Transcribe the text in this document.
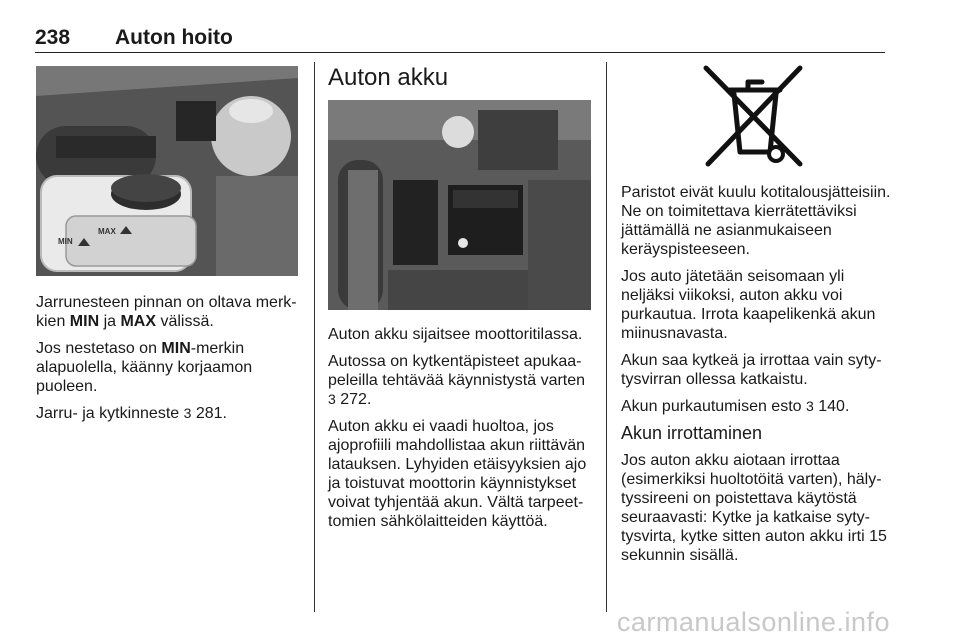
238 Auton hoito
MAX
MIN

Jarrunesteen pinnan on oltava merkkien MIN ja MAX välissä.

Jos nestetaso on MIN-merkin alapuolella, käänny korjaamon puoleen.

Jarru- ja kytkinneste 3 281.

Auton akku

Auton akku sijaitsee moottoritilassa.

Autossa on kytkentäpisteet apukaapeleilla tehtävää käynnistystä varten
3 272.

Auton akku ei vaadi huoltoa, jos ajoprofiili mahdollistaa akun riittävän latauksen. Lyhyiden etäisyyksien ajo ja toistuvat moottorin käynnistykset voivat tyhjentää akun. Vältä tarpeettomien sähkölaitteiden käyttöä.

Paristot eivät kuulu kotitalousjätteisiin. Ne on toimitettava kierrätettäviksi jättämällä ne asianmukaiseen keräyspisteeseen.

Jos auto jätetään seisomaan yli neljäksi viikoksi, auton akku voi purkautua. Irrota kaapelikenkä akun miinusnavasta.

Akun saa kytkeä ja irrottaa vain sytytysvirran ollessa katkaistu.

Akun purkautumisen esto 3 140.

Akun irrottaminen

Jos auton akku aiotaan irrottaa (esimerkiksi huoltotöitä varten), hälytyssireeni on poistettava käytöstä seuraavasti: Kytke ja katkaise sytytysvirta, kytke sitten auton akku irti 15 sekunnin sisällä.

carmanualsonline.info
